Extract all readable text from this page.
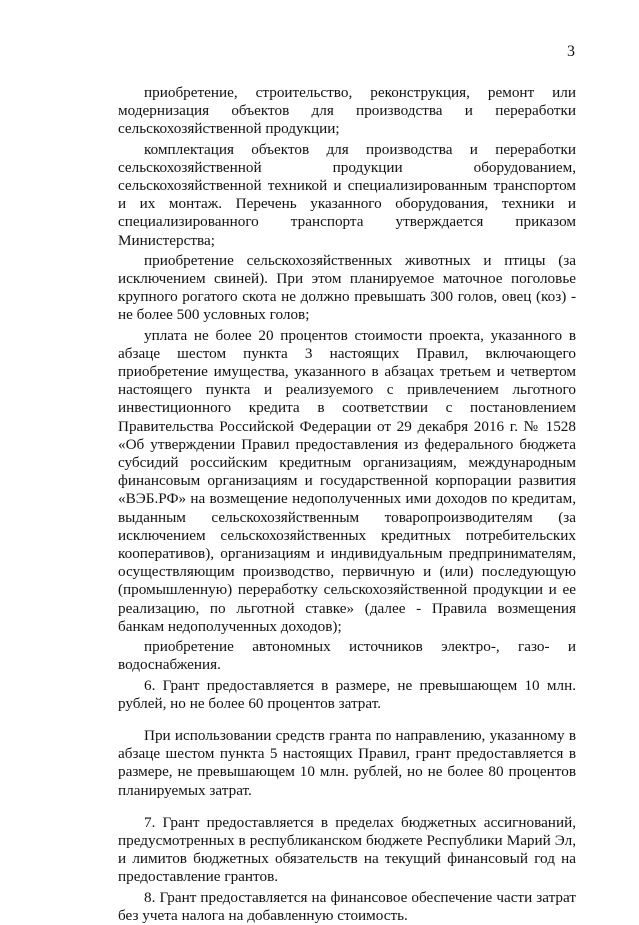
3

приобретение, строительство, реконструкция, ремонт или модернизация объектов для производства и переработки сельскохозяйственной продукции;

комплектация объектов для производства и переработки сельскохозяйственной продукции оборудованием, сельскохозяйственной техникой и специализированным транспортом и их монтаж. Перечень указанного оборудования, техники и специализированного транспорта утверждается приказом Министерства;

приобретение сельскохозяйственных животных и птицы (за исключением свиней). При этом планируемое маточное поголовье крупного рогатого скота не должно превышать 300 голов, овец (коз) - не более 500 условных голов;

уплата не более 20 процентов стоимости проекта, указанного в абзаце шестом пункта 3 настоящих Правил, включающего приобретение имущества, указанного в абзацах третьем и четвертом настоящего пункта и реализуемого с привлечением льготного инвестиционного кредита в соответствии с постановлением Правительства Российской Федерации от 29 декабря 2016 г. № 1528 «Об утверждении Правил предоставления из федерального бюджета субсидий российским кредитным организациям, международным финансовым организациям и государственной корпорации развития «ВЭБ.РФ» на возмещение недополученных ими доходов по кредитам, выданным сельскохозяйственным товаропроизводителям (за исключением сельскохозяйственных кредитных потребительских кооперативов), организациям и индивидуальным предпринимателям, осуществляющим производство, первичную и (или) последующую (промышленную) переработку сельскохозяйственной продукции и ее реализацию, по льготной ставке» (далее - Правила возмещения банкам недополученных доходов);

приобретение автономных источников электро-, газо- и водоснабжения.

6. Грант предоставляется в размере, не превышающем 10 млн. рублей, но не более 60 процентов затрат.

При использовании средств гранта по направлению, указанному в абзаце шестом пункта 5 настоящих Правил, грант предоставляется в размере, не превышающем 10 млн. рублей, но не более 80 процентов планируемых затрат.

7. Грант предоставляется в пределах бюджетных ассигнований, предусмотренных в республиканском бюджете Республики Марий Эл, и лимитов бюджетных обязательств на текущий финансовый год на предоставление грантов.

8. Грант предоставляется на финансовое обеспечение части затрат без учета налога на добавленную стоимость.
